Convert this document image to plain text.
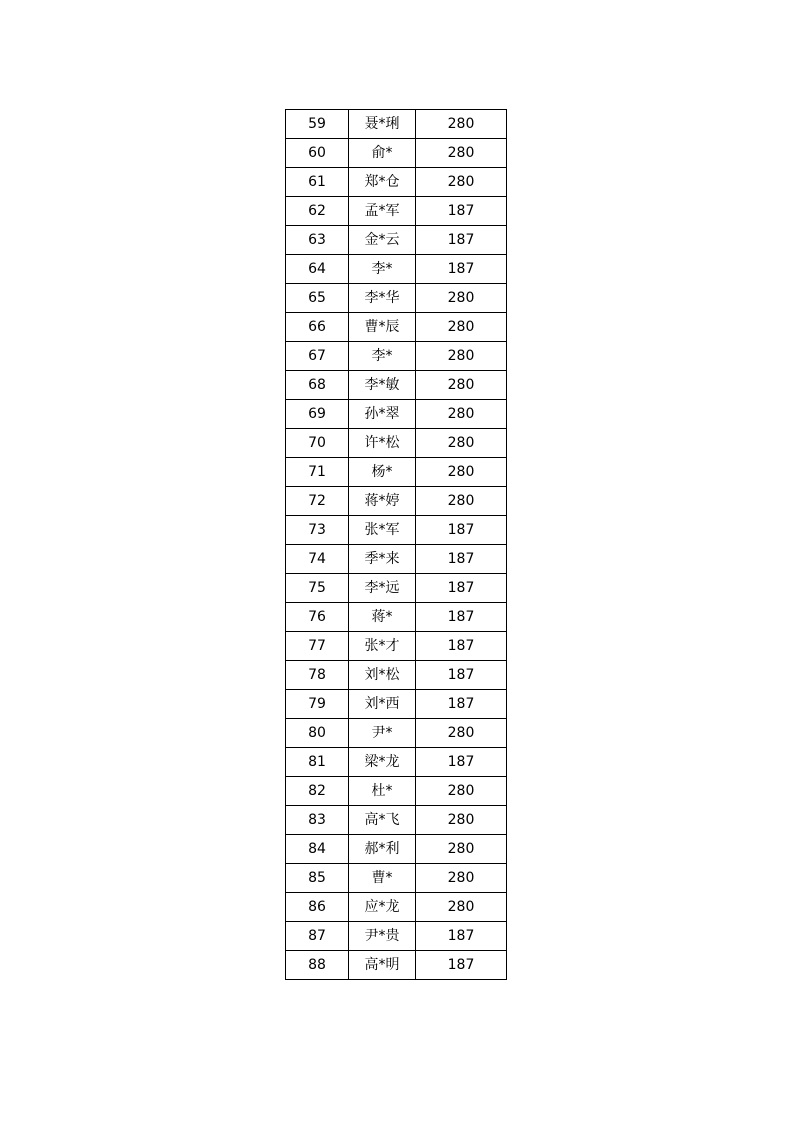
59	聂*琍	280
60	俞*	280
61	郑*仓	280
62	孟*军	187
63	金*云	187
64	李*	187
65	李*华	280
66	曹*辰	280
67	李*	280
68	李*敏	280
69	孙*翠	280
70	许*松	280
71	杨*	280
72	蒋*婷	280
73	张*军	187
74	季*来	187
75	李*远	187
76	蒋*	187
77	张*才	187
78	刘*松	187
79	刘*西	187
80	尹*	280
81	梁*龙	187
82	杜*	280
83	高*飞	280
84	郝*利	280
85	曹*	280
86	应*龙	280
87	尹*贵	187
88	高*明	187
